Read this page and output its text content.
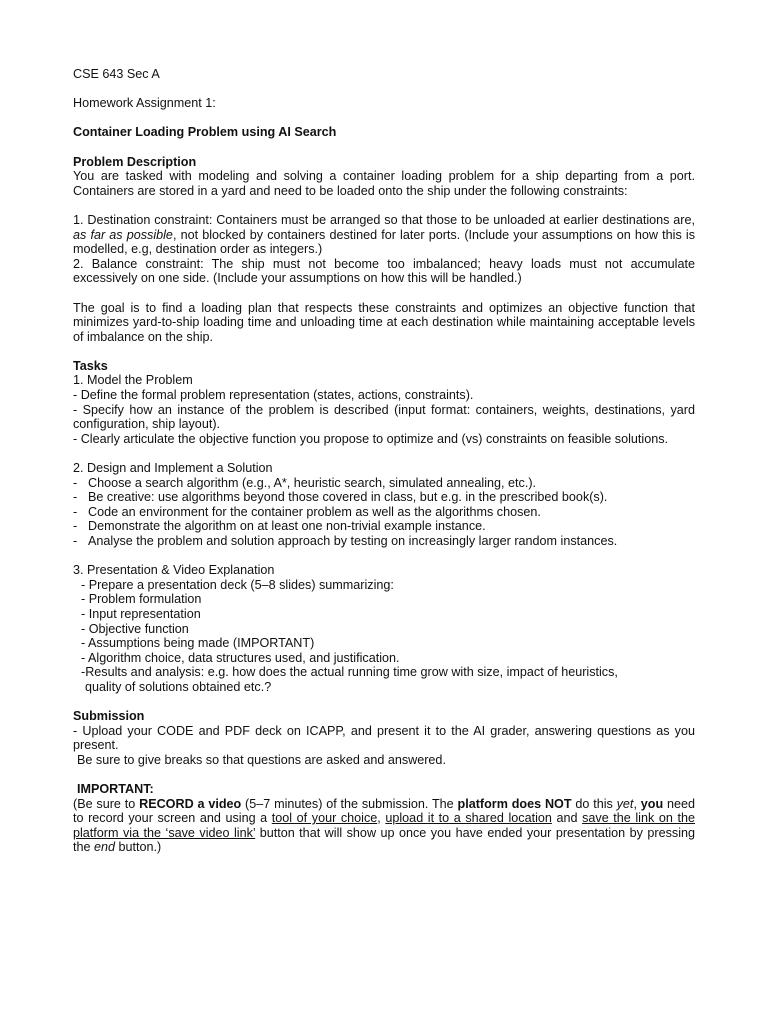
CSE 643 Sec A

Homework Assignment 1:

Container Loading Problem using AI Search

Problem Description

You are tasked with modeling and solving a container loading problem for a ship departing from a port. Containers are stored in a yard and need to be loaded onto the ship under the following constraints:

1. Destination constraint: Containers must be arranged so that those to be unloaded at earlier destinations are, as far as possible, not blocked by containers destined for later ports. (Include your assumptions on how this is modelled, e.g, destination order as integers.)

2. Balance constraint: The ship must not become too imbalanced; heavy loads must not accumulate excessively on one side. (Include your assumptions on how this will be handled.)

The goal is to find a loading plan that respects these constraints and optimizes an objective function that minimizes yard-to-ship loading time and unloading time at each destination while maintaining acceptable levels of imbalance on the ship.

Tasks

1. Model the Problem

- Define the formal problem representation (states, actions, constraints).

- Specify how an instance of the problem is described (input format: containers, weights, destinations, yard configuration, ship layout).

- Clearly articulate the objective function you propose to optimize and (vs) constraints on feasible solutions.

2. Design and Implement a Solution

- Choose a search algorithm (e.g., A*, heuristic search, simulated annealing, etc.).
- Be creative: use algorithms beyond those covered in class, but e.g. in the prescribed book(s).
- Code an environment for the container problem as well as the algorithms chosen.
- Demonstrate the algorithm on at least one non-trivial example instance.
- Analyse the problem and solution approach by testing on increasingly larger random instances.

3. Presentation & Video Explanation

- Prepare a presentation deck (5–8 slides) summarizing:

- Problem formulation

- Input representation

- Objective function

- Assumptions being made (IMPORTANT)

- Algorithm choice, data structures used, and justification.

-Results and analysis: e.g. how does the actual running time grow with size, impact of heuristics,

quality of solutions obtained etc.?

Submission

- Upload your CODE and PDF deck on ICAPP, and present it to the AI grader, answering questions as you present.

Be sure to give breaks so that questions are asked and answered.

IMPORTANT:

(Be sure to RECORD a video (5–7 minutes) of the submission. The platform does NOT do this yet, you need to record your screen and using a tool of your choice, upload it to a shared location and save the link on the platform via the ‘save video link’ button that will show up once you have ended your presentation by pressing the end button.)
